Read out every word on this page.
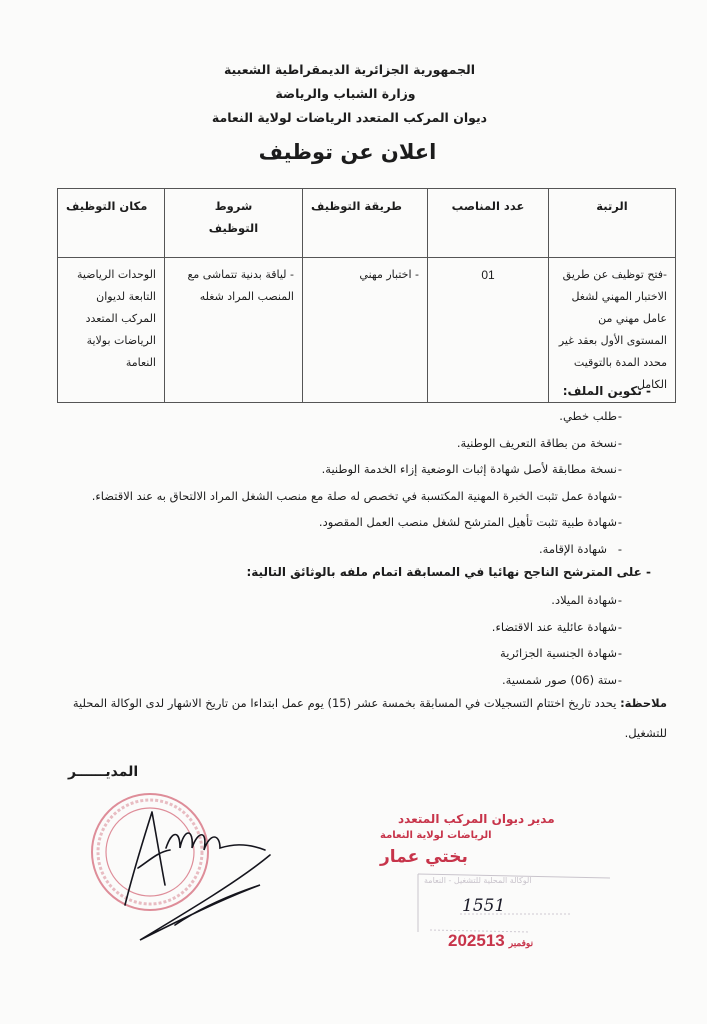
الجمهورية الجزائرية الديمقراطية الشعبية
وزارة الشباب والرياضة
ديوان المركب المتعدد الرياضات لولاية النعامة
اعلان عن توظيف
الرتبة	عدد المناصب	طريقة التوظيف	
شروط
التوظيف
	مكان التوظيف
-فتح توظيف عن طريق الاختبار المهني لشغل عامل مهني من المستوى الأول بعقد غير محدد المدة بالتوقيت الكامل	01	- اختبار مهني	- لياقة بدنية تتماشى مع المنصب المراد شغله	الوحدات الرياضية التابعة لديوان المركب المتعدد الرياضات بولاية النعامة
- تكوين الملف:
-
طلب خطي.
-
نسخة من بطاقة التعريف الوطنية.
-
نسخة مطابقة لأصل شهادة إثبات الوضعية إزاء الخدمة الوطنية.
-
شهادة عمل تثبت الخبرة المهنية المكتسبة في تخصص له صلة مع منصب الشغل المراد الالتحاق به عند الاقتضاء.
-
شهادة طبية تثبت تأهيل المترشح لشغل منصب العمل المقصود.
-
شهادة الإقامة.
- على المترشح الناجح نهائيا في المسابقة اتمام ملفه بالوثائق التالية:
-
شهادة الميلاد.
-
شهادة عائلية عند الاقتضاء.
-
شهادة الجنسية الجزائرية
-
ستة (06) صور شمسية.
ملاحظة: يحدد تاريخ اختتام التسجيلات في المسابقة بخمسة عشر (15) يوم عمل ابتداءا من تاريخ الاشهار لدى الوكالة المحلية للتشغيل.
المديــــــر
مدير ديوان المركب المتعدد
الرياضات لولاية النعامة
بختي عمار
الوكالة المحلية للتشغيل - النعامة
1551
2025	نوفمبر13
